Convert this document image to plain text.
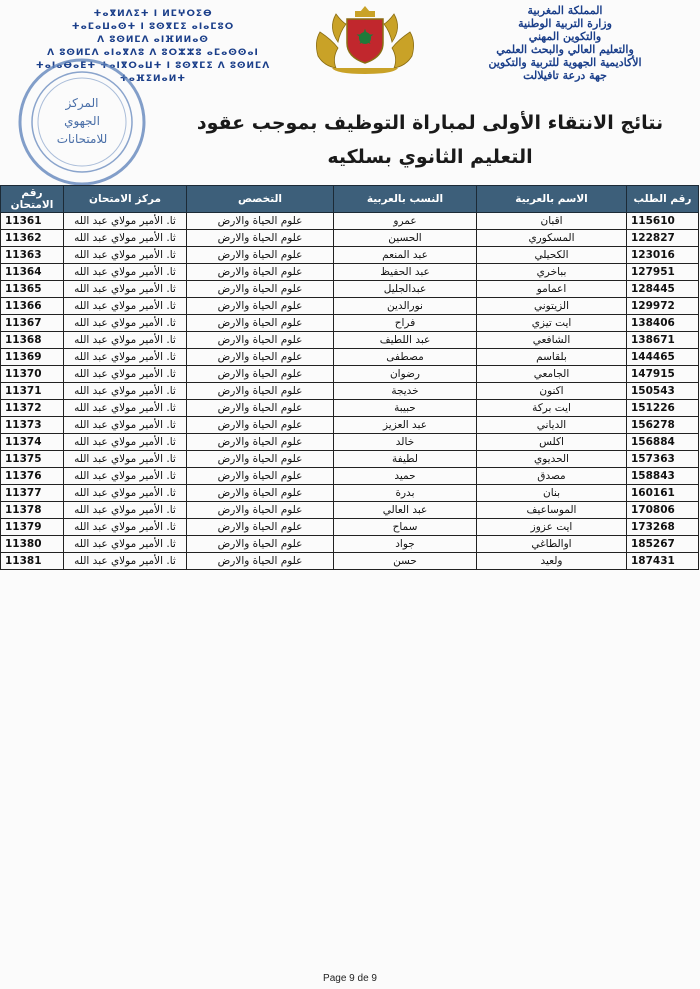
ⵜⴰⴳⵍⴷⵉⵜ ⵏ ⵍⵎⵖⵔⵉⴱ
ⵜⴰⵎⴰⵡⴰⵙⵜ ⵏ ⵓⵙⴳⵎⵉ ⴰⵏⴰⵎⵓⵔ
ⴷ ⵓⵙⵍⵎⴷ ⴰⵏⴼⵍⵍⴰⵙ
ⴷ ⵓⵙⵍⵎⴷ ⴰⵏⴰⴳⴷⵓ ⴷ ⵓⵔⵣⵣⵓ ⴰⵎⴰⵙⵙⴰⵏ
ⵜⴰⵏⴰⴱⴰⴹⵜ ⵜⴰⵏⴳⵔⴰⵡⵜ ⵏ ⵓⵙⴳⵎⵉ ⴷ ⵓⵙⵍⵎⴷ
ⵜⴰⴼⵉⵍⴰⵍⵜ
المركز
الجهوي
للامتحانات
المملكة المغربية
وزارة التربية الوطنية
والتكوين المهني
والتعليم العالي والبحث العلمي
الأكاديمية الجهوية للتربية والتكوين
جهة درعة تافيلالت
نتائج الانتقاء الأولى لمباراة التوظيف بموجب عقود
التعليم الثانوي بسلكيه
رقم الطلب	الاسم بالعربية	النسب بالعربية	التخصص	مركز الامتحان	رقم الامتحان
115610	اقبان	عمرو	علوم الحياة والارض	ثا. الأمير مولاي عبد الله	11361
122827	المسكوري	الحسين	علوم الحياة والارض	ثا. الأمير مولاي عبد الله	11362
123016	الكحيلي	عبد المنعم	علوم الحياة والارض	ثا. الأمير مولاي عبد الله	11363
127951	بباخري	عبد الحفيظ	علوم الحياة والارض	ثا. الأمير مولاي عبد الله	11364
128445	اعمامو	عبدالجليل	علوم الحياة والارض	ثا. الأمير مولاي عبد الله	11365
129972	الزيتوني	نورالدين	علوم الحياة والارض	ثا. الأمير مولاي عبد الله	11366
138406	ايت تيزي	فراح	علوم الحياة والارض	ثا. الأمير مولاي عبد الله	11367
138671	الشافعي	عبد اللطيف	علوم الحياة والارض	ثا. الأمير مولاي عبد الله	11368
144465	بلقاسم	مصطفى	علوم الحياة والارض	ثا. الأمير مولاي عبد الله	11369
147915	الجامعي	رضوان	علوم الحياة والارض	ثا. الأمير مولاي عبد الله	11370
150543	اكنون	خديجة	علوم الحياة والارض	ثا. الأمير مولاي عبد الله	11371
151226	ايت بركة	حبيبة	علوم الحياة والارض	ثا. الأمير مولاي عبد الله	11372
156278	الدياني	عبد العزيز	علوم الحياة والارض	ثا. الأمير مولاي عبد الله	11373
156884	اكلس	خالد	علوم الحياة والارض	ثا. الأمير مولاي عبد الله	11374
157363	الحديوي	لطيفة	علوم الحياة والارض	ثا. الأمير مولاي عبد الله	11375
158843	مصدق	حميد	علوم الحياة والارض	ثا. الأمير مولاي عبد الله	11376
160161	بنان	بدرة	علوم الحياة والارض	ثا. الأمير مولاي عبد الله	11377
170806	الموساعيف	عبد العالي	علوم الحياة والارض	ثا. الأمير مولاي عبد الله	11378
173268	ايت عزوز	سماح	علوم الحياة والارض	ثا. الأمير مولاي عبد الله	11379
185267	اوالطاغي	جواد	علوم الحياة والارض	ثا. الأمير مولاي عبد الله	11380
187431	ولعيد	حسن	علوم الحياة والارض	ثا. الأمير مولاي عبد الله	11381
Page 9 de 9
